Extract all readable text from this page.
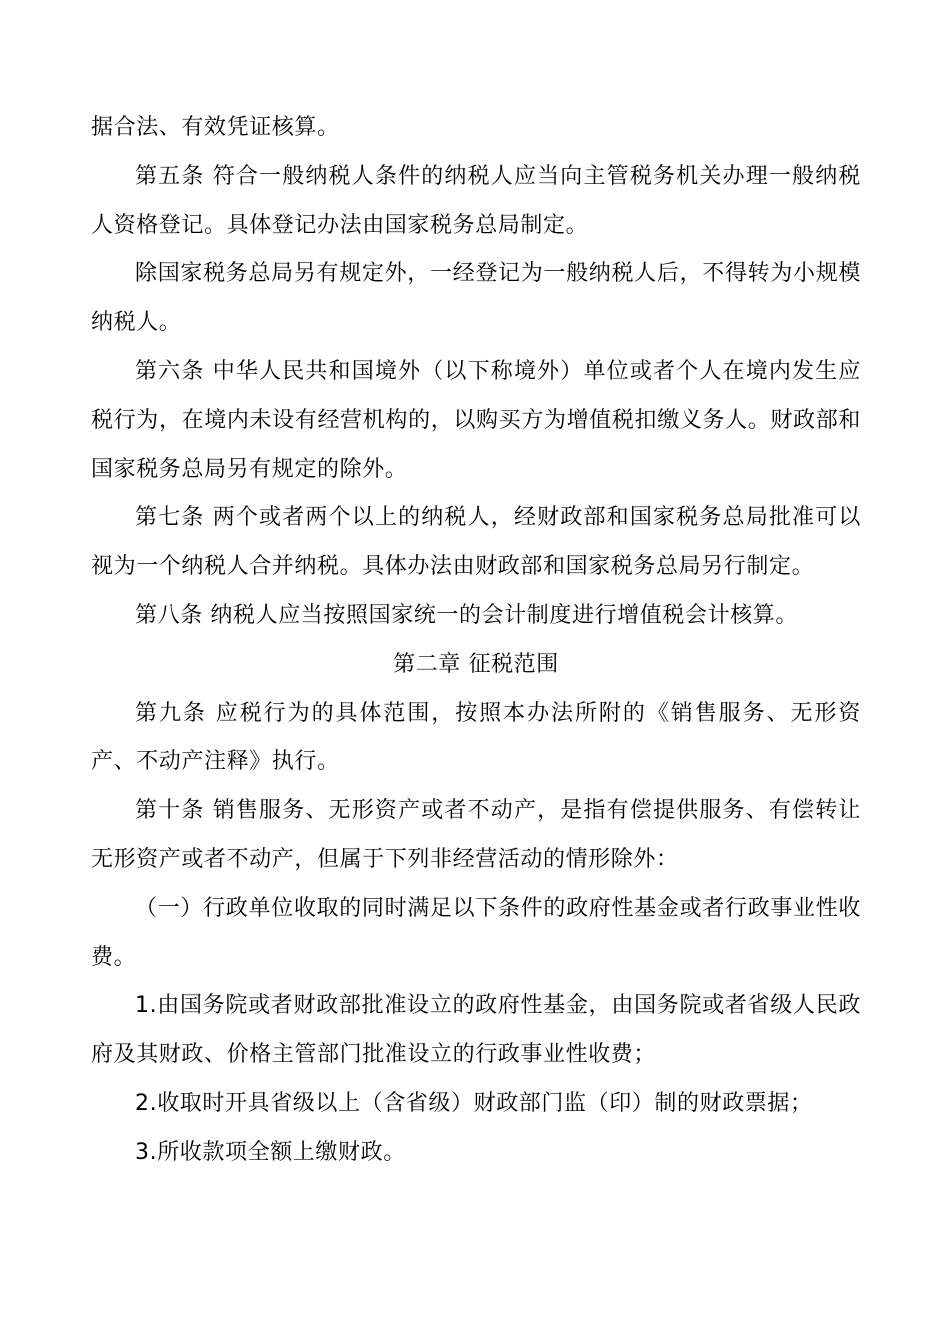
据合法、有效凭证核算。

第五条 符合一般纳税人条件的纳税人应当向主管税务机关办理一般纳税人资格登记。具体登记办法由国家税务总局制定。

除国家税务总局另有规定外，一经登记为一般纳税人后，不得转为小规模纳税人。

第六条 中华人民共和国境外（以下称境外）单位或者个人在境内发生应税行为，在境内未设有经营机构的，以购买方为增值税扣缴义务人。财政部和国家税务总局另有规定的除外。

第七条 两个或者两个以上的纳税人，经财政部和国家税务总局批准可以视为一个纳税人合并纳税。具体办法由财政部和国家税务总局另行制定。

第八条 纳税人应当按照国家统一的会计制度进行增值税会计核算。

第二章 征税范围

第九条 应税行为的具体范围，按照本办法所附的《销售服务、无形资产、不动产注释》执行。

第十条 销售服务、无形资产或者不动产，是指有偿提供服务、有偿转让无形资产或者不动产，但属于下列非经营活动的情形除外：

（一）行政单位收取的同时满足以下条件的政府性基金或者行政事业性收费。

1.由国务院或者财政部批准设立的政府性基金，由国务院或者省级人民政府及其财政、价格主管部门批准设立的行政事业性收费；

2.收取时开具省级以上（含省级）财政部门监（印）制的财政票据；

3.所收款项全额上缴财政。
